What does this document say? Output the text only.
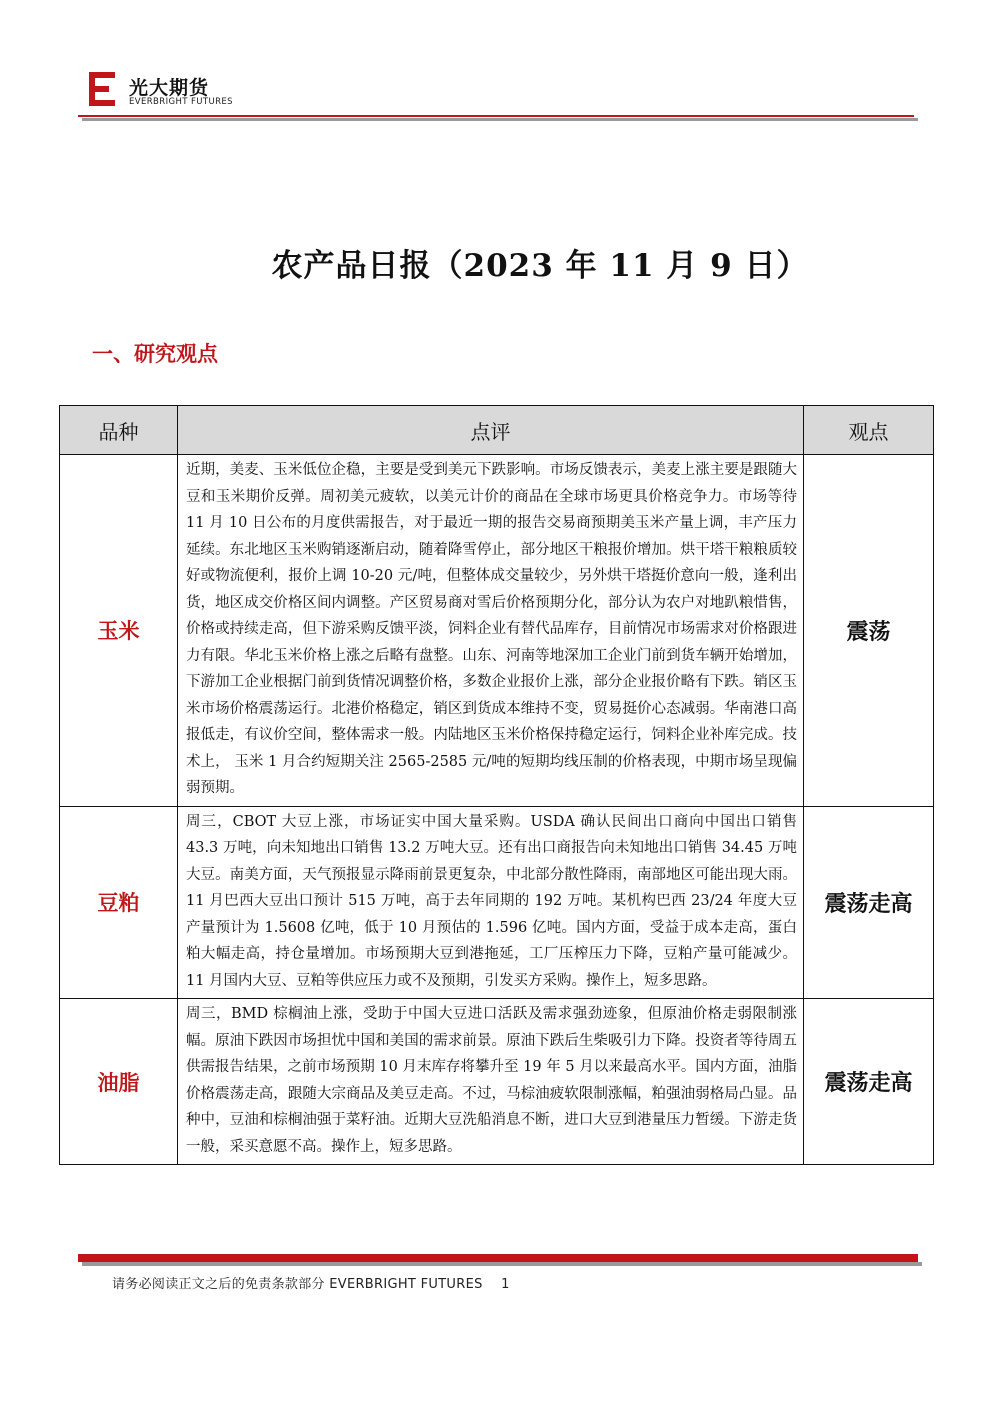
光大期货
EVERBRIGHT FUTURES
农产品日报（2023 年 11 月 9 日）
一、研究观点
品种	点评	观点
玉米	近期，美麦、玉米低位企稳，主要是受到美元下跌影响。市场反馈表示，美麦上涨主要是跟随大豆和玉米期价反弹。周初美元疲软，以美元计价的商品在全球市场更具价格竞争力。市场等待 11 月 10 日公布的月度供需报告，对于最近一期的报告交易商预期美玉米产量上调，丰产压力延续。东北地区玉米购销逐渐启动，随着降雪停止，部分地区干粮报价增加。烘干塔干粮粮质较好或物流便利，报价上调 10-20 元/吨，但整体成交量较少，另外烘干塔挺价意向一般，逢利出货，地区成交价格区间内调整。产区贸易商对雪后价格预期分化，部分认为农户对地趴粮惜售，价格或持续走高，但下游采购反馈平淡，饲料企业有替代品库存，目前情况市场需求对价格跟进力有限。华北玉米价格上涨之后略有盘整。山东、河南等地深加工企业门前到货车辆开始增加，下游加工企业根据门前到货情况调整价格，多数企业报价上涨，部分企业报价略有下跌。销区玉米市场价格震荡运行。北港价格稳定，销区到货成本维持不变，贸易挺价心态减弱。华南港口高报低走，有议价空间，整体需求一般。内陆地区玉米价格保持稳定运行，饲料企业补库完成。技术上， 玉米 1 月合约短期关注 2565-2585 元/吨的短期均线压制的价格表现，中期市场呈现偏弱预期。	震荡
豆粕	周三，CBOT 大豆上涨，市场证实中国大量采购。USDA 确认民间出口商向中国出口销售 43.3 万吨，向未知地出口销售 13.2 万吨大豆。还有出口商报告向未知地出口销售 34.45 万吨大豆。南美方面，天气预报显示降雨前景更复杂，中北部分散性降雨，南部地区可能出现大雨。11 月巴西大豆出口预计 515 万吨，高于去年同期的 192 万吨。某机构巴西 23/24 年度大豆产量预计为 1.5608 亿吨，低于 10 月预估的 1.596 亿吨。国内方面，受益于成本走高，蛋白粕大幅走高，持仓量增加。市场预期大豆到港拖延，工厂压榨压力下降，豆粕产量可能减少。11 月国内大豆、豆粕等供应压力或不及预期，引发买方采购。操作上，短多思路。	震荡走高
油脂	周三，BMD 棕榈油上涨，受助于中国大豆进口活跃及需求强劲迹象，但原油价格走弱限制涨幅。原油下跌因市场担忧中国和美国的需求前景。原油下跌后生柴吸引力下降。投资者等待周五供需报告结果，之前市场预期 10 月末库存将攀升至 19 年 5 月以来最高水平。国内方面，油脂价格震荡走高，跟随大宗商品及美豆走高。不过，马棕油疲软限制涨幅，粕强油弱格局凸显。品种中，豆油和棕榈油强于菜籽油。近期大豆洗船消息不断，进口大豆到港量压力暂缓。下游走货一般，采买意愿不高。操作上，短多思路。	震荡走高
请务必阅读正文之后的免责条款部分 EVERBRIGHT FUTURES 1
